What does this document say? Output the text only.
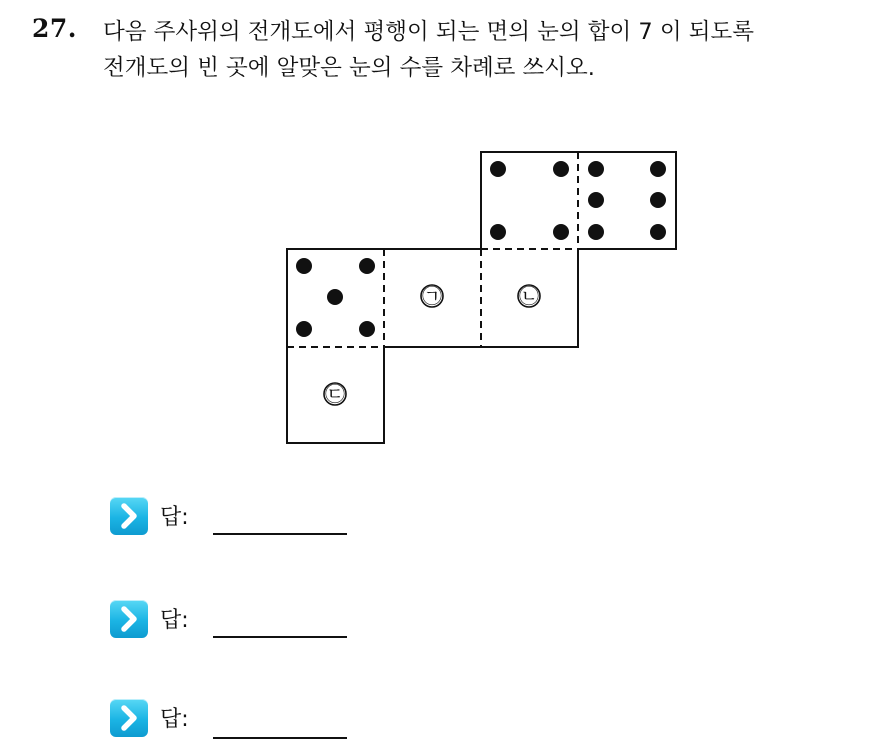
27. 다음 주사위의 전개도에서 평행이 되는 면의 눈의 합이 7 이 되도록
전개도의 빈 곳에 알맞은 눈의 수를 차례로 쓰시오.
㉠	㉡
㉢
답:
답:
답:
